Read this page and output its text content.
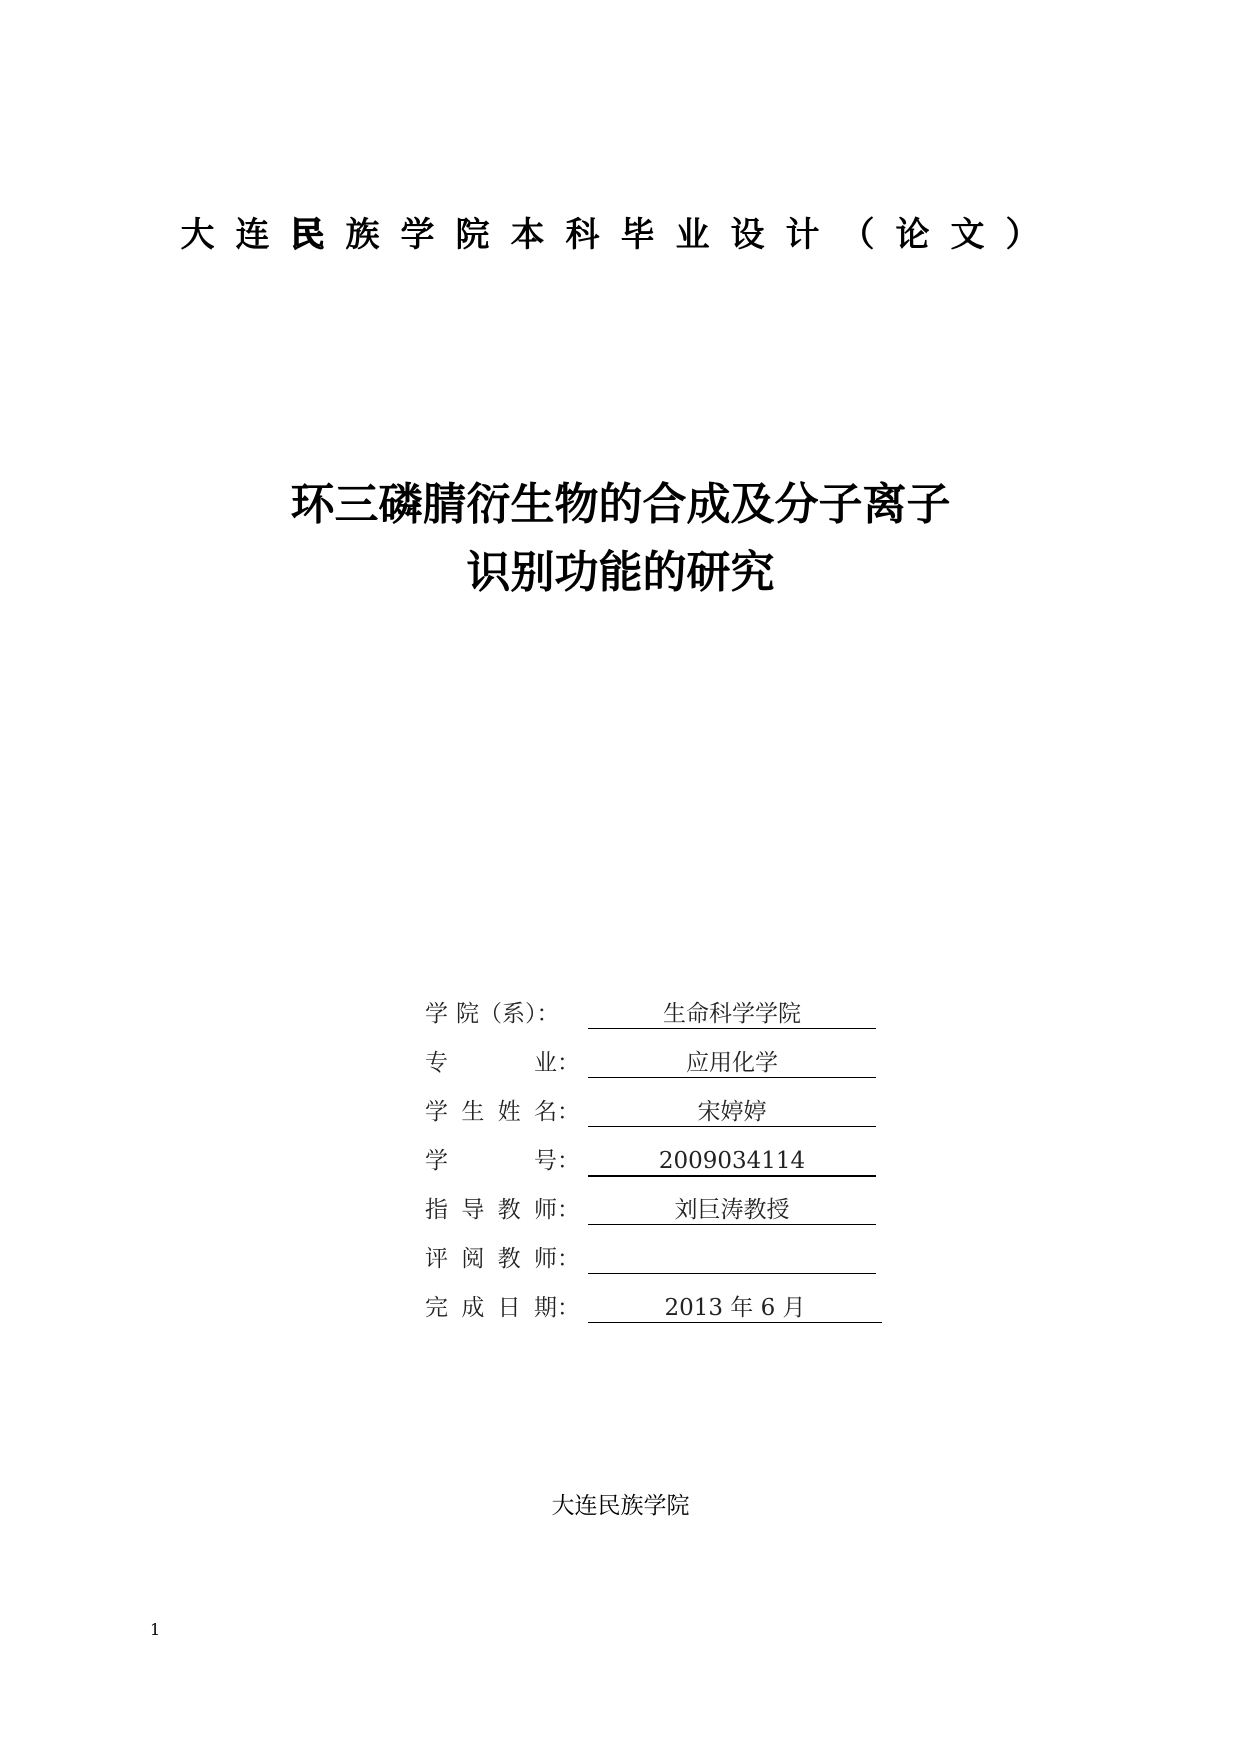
大连民族学院本科毕业设计（论文）
环三磷腈衍生物的合成及分子离子
识别功能的研究
学 院 （系）：	生命科学学院
专	业：	应用化学
学 生 姓 名：	宋婷婷
学	号：	2009034114
指 导 教 师：	刘巨涛教授
评 阅 教 师：
完 成 日 期：	2013 年 6 月
大连民族学院
1
